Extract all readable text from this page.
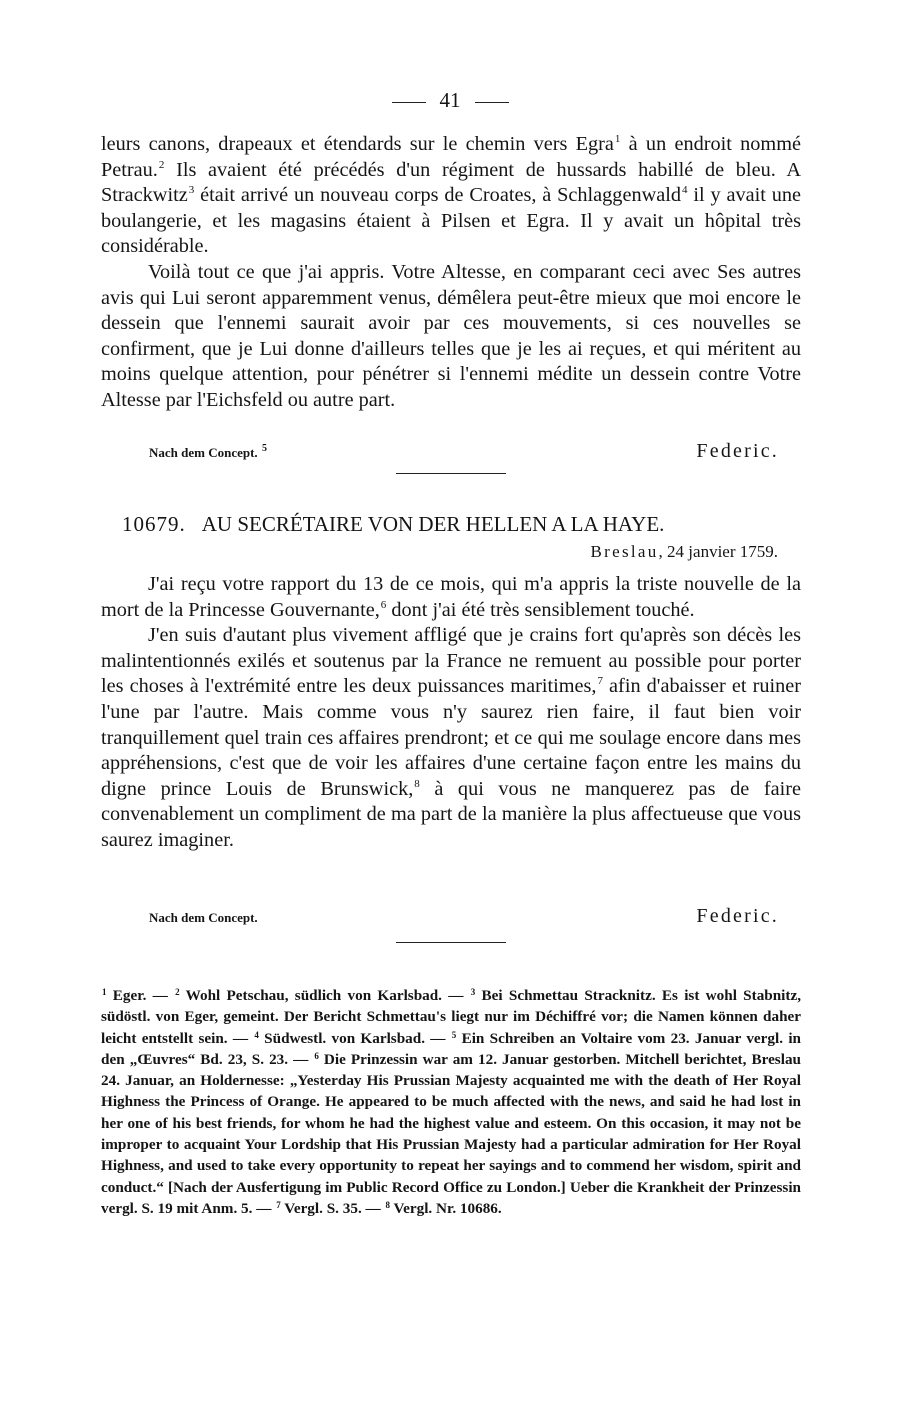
41

leurs canons, drapeaux et étendards sur le chemin vers Egra$^1$ à un endroit nommé Petrau.$^2$ Ils avaient été précédés d'un régiment de hussards habillé de bleu. A Strackwitz$^3$ était arrivé un nouveau corps de Croates, à Schlaggenwald$^4$ il y avait une boulangerie, et les magasins étaient à Pilsen et Egra. Il y avait un hôpital très considérable.

Voilà tout ce que j'ai appris. Votre Altesse, en comparant ceci avec Ses autres avis qui Lui seront apparemment venus, démêlera peut-être mieux que moi encore le dessein que l'ennemi saurait avoir par ces mouvements, si ces nouvelles se confirment, que je Lui donne d'ailleurs telles que je les ai reçues, et qui méritent au moins quelque attention, pour pénétrer si l'ennemi médite un dessein contre Votre Altesse par l'Eichsfeld ou autre part.

Nach dem Concept. $^5$	Federic.
10679. AU SECRÉTAIRE VON DER HELLEN A LA HAYE.
Breslau, 24 janvier 1759.

J'ai reçu votre rapport du 13 de ce mois, qui m'a appris la triste nouvelle de la mort de la Princesse Gouvernante,$^6$ dont j'ai été très sensiblement touché.

J'en suis d'autant plus vivement affligé que je crains fort qu'après son décès les malintentionnés exilés et soutenus par la France ne remuent au possible pour porter les choses à l'extrémité entre les deux puissances maritimes,$^7$ afin d'abaisser et ruiner l'une par l'autre. Mais comme vous n'y saurez rien faire, il faut bien voir tranquillement quel train ces affaires prendront; et ce qui me soulage encore dans mes appréhensions, c'est que de voir les affaires d'une certaine façon entre les mains du digne prince Louis de Brunswick,$^8$ à qui vous ne manquerez pas de faire convenablement un compliment de ma part de la manière la plus affectueuse que vous saurez imaginer.

Nach dem Concept.	Federic.

$^1$ Eger. — $^2$ Wohl Petschau, südlich von Karlsbad. — $^3$ Bei Schmettau Stracknitz. Es ist wohl Stabnitz, südöstl. von Eger, gemeint. Der Bericht Schmettau's liegt nur im Déchiffré vor; die Namen können daher leicht entstellt sein. — $^4$ Südwestl. von Karlsbad. — $^5$ Ein Schreiben an Voltaire vom 23. Januar vergl. in den „Œuvres“ Bd. 23, S. 23. — $^6$ Die Prinzessin war am 12. Januar gestorben. Mitchell berichtet, Breslau 24. Januar, an Holdernesse: „Yesterday His Prussian Majesty acquainted me with the death of Her Royal Highness the Princess of Orange. He appeared to be much affected with the news, and said he had lost in her one of his best friends, for whom he had the highest value and esteem. On this occasion, it may not be improper to acquaint Your Lordship that His Prussian Majesty had a particular admiration for Her Royal Highness, and used to take every opportunity to repeat her sayings and to commend her wisdom, spirit and conduct.“ [Nach der Ausfertigung im Public Record Office zu London.] Ueber die Krankheit der Prinzessin vergl. S. 19 mit Anm. 5. — $^7$ Vergl. S. 35. — $^8$ Vergl. Nr. 10686.
